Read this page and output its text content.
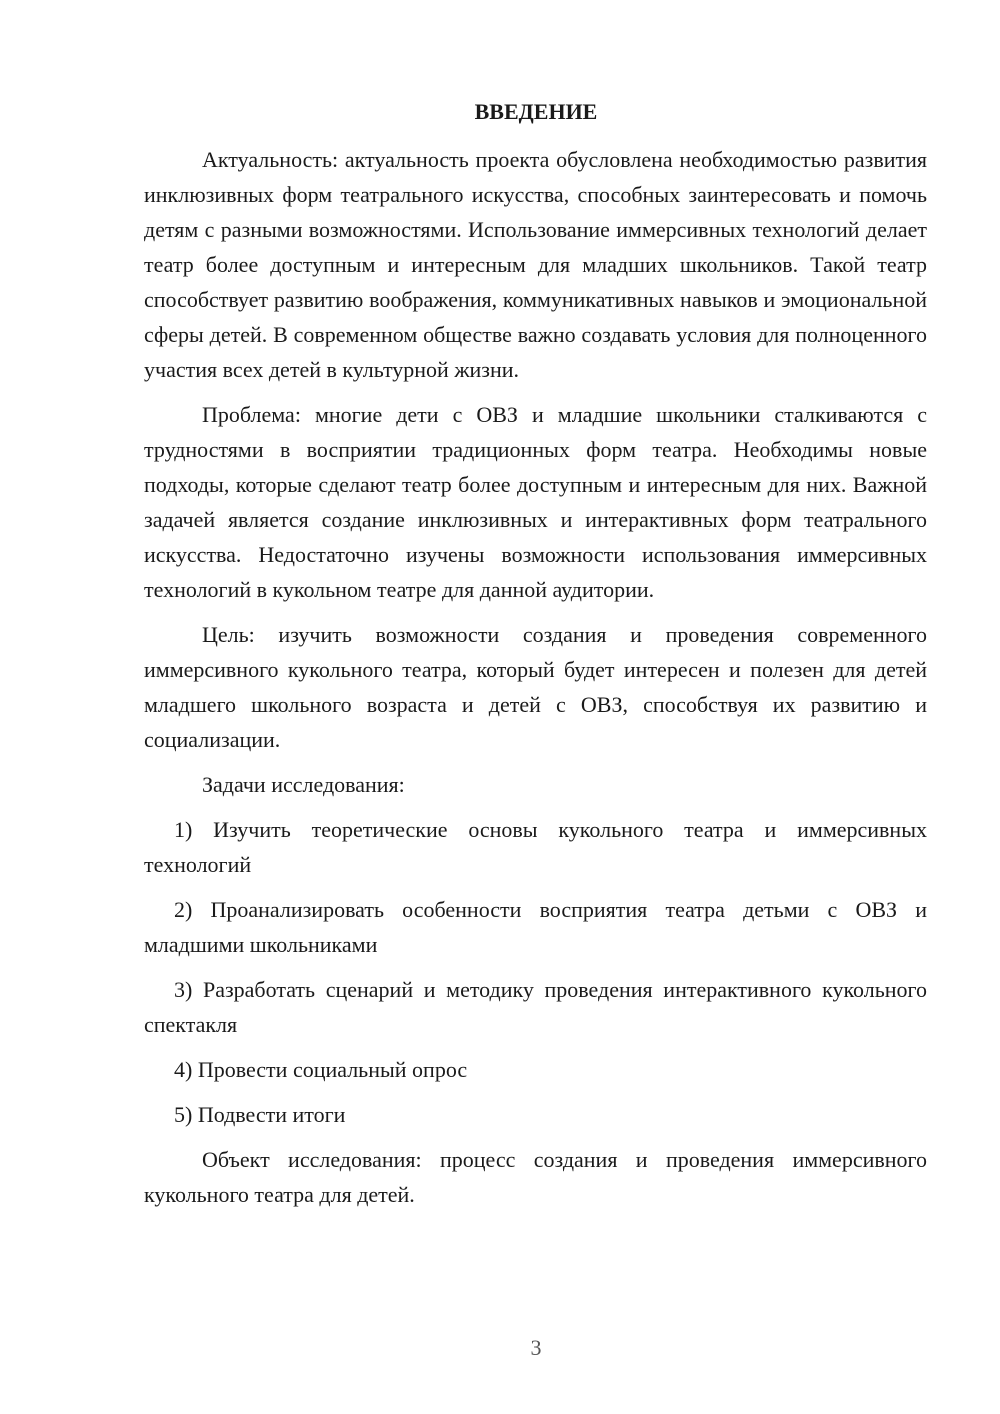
ВВЕДЕНИЕ

Актуальность: актуальность проекта обусловлена необходимостью развития инклюзивных форм театрального искусства, способных заинтересовать и помочь детям с разными возможностями. Использование иммерсивных технологий делает театр более доступным и интересным для младших школьников. Такой театр способствует развитию воображения, коммуникативных навыков и эмоциональной сферы детей. В современном обществе важно создавать условия для полноценного участия всех детей в культурной жизни.

Проблема: многие дети с ОВЗ и младшие школьники сталкиваются с трудностями в восприятии традиционных форм театра. Необходимы новые подходы, которые сделают театр более доступным и интересным для них. Важной задачей является создание инклюзивных и интерактивных форм театрального искусства. Недостаточно изучены возможности использования иммерсивных технологий в кукольном театре для данной аудитории.

Цель: изучить возможности создания и проведения современного иммерсивного кукольного театра, который будет интересен и полезен для детей младшего школьного возраста и детей с ОВЗ, способствуя их развитию и социализации.

Задачи исследования:

1) Изучить теоретические основы кукольного театра и иммерсивных технологий

2) Проанализировать особенности восприятия театра детьми с ОВЗ и младшими школьниками

3) Разработать сценарий и методику проведения интерактивного кукольного спектакля

4) Провести социальный опрос

5) Подвести итоги

Объект исследования: процесс создания и проведения иммерсивного кукольного театра для детей.

3
